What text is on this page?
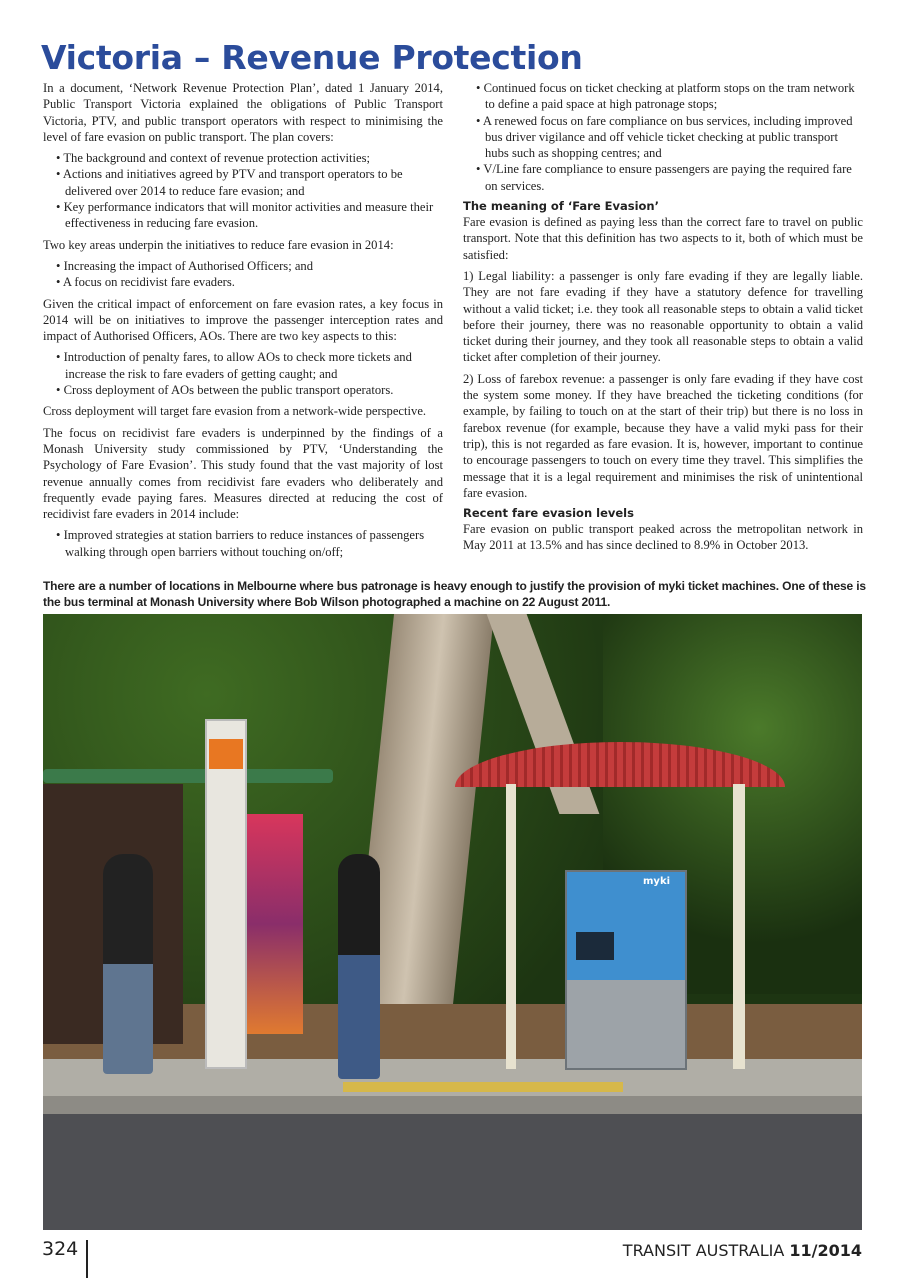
Victoria – Revenue Protection

In a document, ‘Network Revenue Protection Plan’, dated 1 January 2014, Public Transport Victoria explained the obligations of Public Transport Victoria, PTV, and public transport operators with respect to minimising the level of fare evasion on public transport. The plan covers:

• The background and context of revenue protection activities;
• Actions and initiatives agreed by PTV and transport operators to be delivered over 2014 to reduce fare evasion; and
• Key performance indicators that will monitor activities and measure their effectiveness in reducing fare evasion.

Two key areas underpin the initiatives to reduce fare evasion in 2014:

• Increasing the impact of Authorised Officers; and
• A focus on recidivist fare evaders.

Given the critical impact of enforcement on fare evasion rates, a key focus in 2014 will be on initiatives to improve the passenger interception rates and impact of Authorised Officers, AOs. There are two key aspects to this:

• Introduction of penalty fares, to allow AOs to check more tickets and increase the risk to fare evaders of getting caught; and
• Cross deployment of AOs between the public transport operators.

Cross deployment will target fare evasion from a network-wide perspective.

The focus on recidivist fare evaders is underpinned by the findings of a Monash University study commissioned by PTV, ‘Understanding the Psychology of Fare Evasion’. This study found that the vast majority of lost revenue annually comes from recidivist fare evaders who deliberately and frequently evade paying fares. Measures directed at reducing the cost of recidivist fare evaders in 2014 include:

• Improved strategies at station barriers to reduce instances of passengers walking through open barriers without touching on/off;
• Continued focus on ticket checking at platform stops on the tram network to define a paid space at high patronage stops;
• A renewed focus on fare compliance on bus services, including improved bus driver vigilance and off vehicle ticket checking at public transport hubs such as shopping centres; and
• V/Line fare compliance to ensure passengers are paying the required fare on services.
The meaning of ‘Fare Evasion’

Fare evasion is defined as paying less than the correct fare to travel on public transport. Note that this definition has two aspects to it, both of which must be satisfied:

1) Legal liability: a passenger is only fare evading if they are legally liable. They are not fare evading if they have a statutory defence for travelling without a valid ticket; i.e. they took all reasonable steps to obtain a valid ticket before their journey, there was no reasonable opportunity to obtain a valid ticket during their journey, and they took all reasonable steps to obtain a valid ticket after completion of their journey.

2) Loss of farebox revenue: a passenger is only fare evading if they have cost the system some money. If they have breached the ticketing conditions (for example, by failing to touch on at the start of their trip) but there is no loss in farebox revenue (for example, because they have a valid myki pass for their trip), this is not regarded as fare evasion. It is, however, important to continue to encourage passengers to touch on every time they travel. This simplifies the message that it is a legal requirement and minimises the risk of unintentional fare evasion.

Recent fare evasion levels

Fare evasion on public transport peaked across the metropolitan network in May 2011 at 13.5% and has since declined to 8.9% in October 2013.

There are a number of locations in Melbourne where bus patronage is heavy enough to justify the provision of myki ticket machines. One of these is the bus terminal at Monash University where Bob Wilson photographed a machine on 22 August 2011.
myki
324	TRANSIT AUSTRALIA 11/2014
